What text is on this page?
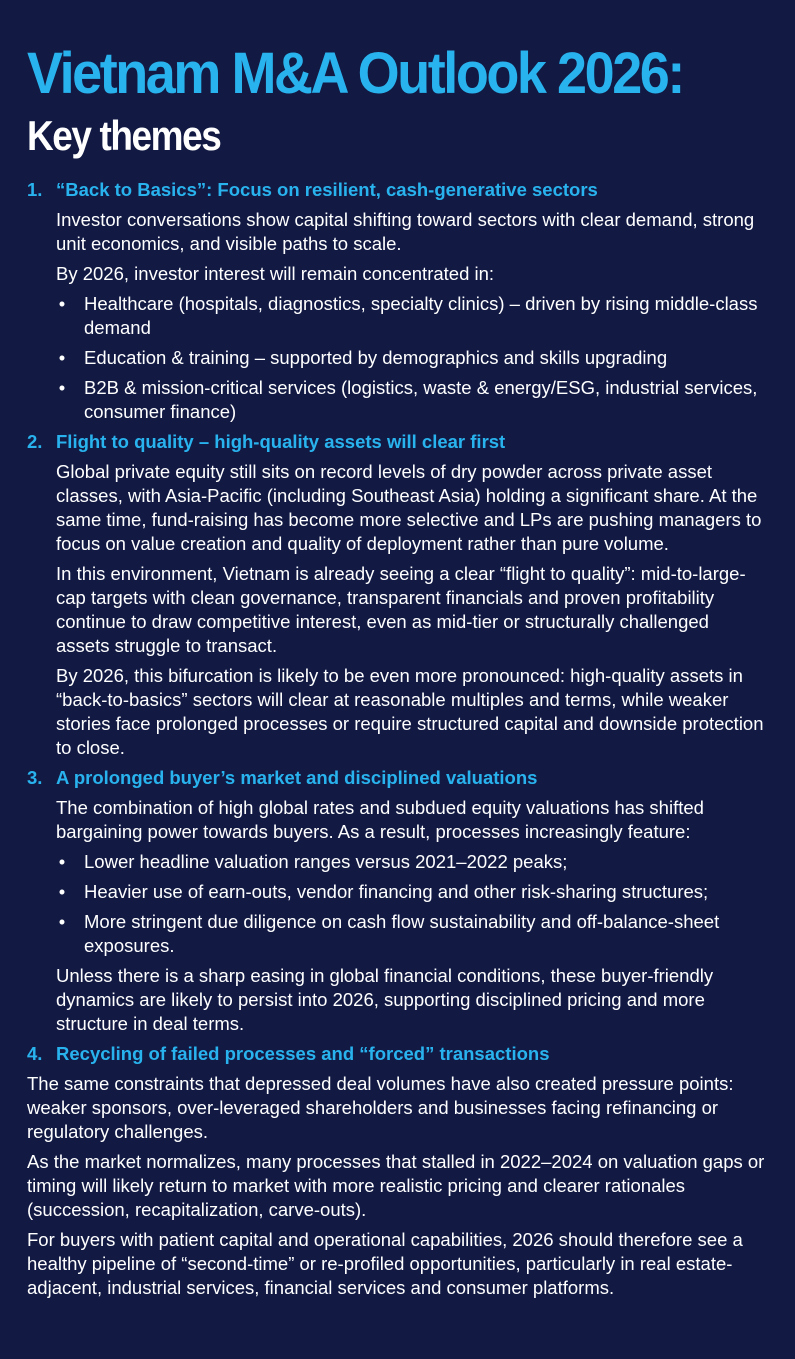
Vietnam M&A Outlook 2026:
Key themes
1. “Back to Basics”: Focus on resilient, cash-generative sectors

Investor conversations show capital shifting toward sectors with clear demand, strong unit economics, and visible paths to scale.

By 2026, investor interest will remain concentrated in:

• Healthcare (hospitals, diagnostics, specialty clinics) – driven by rising middle-class demand
• Education & training – supported by demographics and skills upgrading
• B2B & mission-critical services (logistics, waste & energy/ESG, industrial services, consumer finance)
2. Flight to quality – high-quality assets will clear first

Global private equity still sits on record levels of dry powder across private asset classes, with Asia-Pacific (including Southeast Asia) holding a significant share. At the same time, fund-raising has become more selective and LPs are pushing managers to focus on value creation and quality of deployment rather than pure volume.

In this environment, Vietnam is already seeing a clear “flight to quality”: mid-to-large-cap targets with clean governance, transparent financials and proven profitability continue to draw competitive interest, even as mid-tier or structurally challenged assets struggle to transact.

By 2026, this bifurcation is likely to be even more pronounced: high-quality assets in “back-to-basics” sectors will clear at reasonable multiples and terms, while weaker stories face prolonged processes or require structured capital and downside protection to close.

3. A prolonged buyer’s market and disciplined valuations

The combination of high global rates and subdued equity valuations has shifted bargaining power towards buyers. As a result, processes increasingly feature:

• Lower headline valuation ranges versus 2021–2022 peaks;
• Heavier use of earn-outs, vendor financing and other risk-sharing structures;
• More stringent due diligence on cash flow sustainability and off-balance-sheet exposures.

Unless there is a sharp easing in global financial conditions, these buyer-friendly dynamics are likely to persist into 2026, supporting disciplined pricing and more structure in deal terms.

4. Recycling of failed processes and “forced” transactions

The same constraints that depressed deal volumes have also created pressure points: weaker sponsors, over-leveraged shareholders and businesses facing refinancing or regulatory challenges.

As the market normalizes, many processes that stalled in 2022–2024 on valuation gaps or timing will likely return to market with more realistic pricing and clearer rationales (succession, recapitalization, carve-outs).

For buyers with patient capital and operational capabilities, 2026 should therefore see a healthy pipeline of “second-time” or re-profiled opportunities, particularly in real estate-adjacent, industrial services, financial services and consumer platforms.
